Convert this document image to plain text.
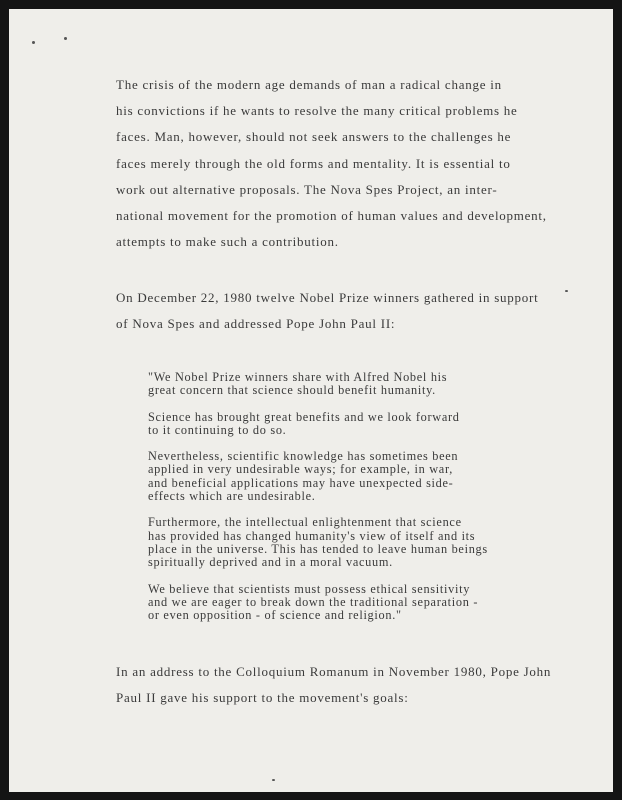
The crisis of the modern age demands of man a radical change in
his convictions if he wants to resolve the many critical problems he
faces. Man, however, should not seek answers to the challenges he
faces merely through the old forms and mentality. It is essential to
work out alternative proposals. The Nova Spes Project, an inter-
national movement for the promotion of human values and development,
attempts to make such a contribution.
On December 22, 1980 twelve Nobel Prize winners gathered in support
of Nova Spes and addressed Pope John Paul II:
"We Nobel Prize winners share with Alfred Nobel his
great concern that science should benefit humanity.
Science has brought great benefits and we look forward
to it continuing to do so.
Nevertheless, scientific knowledge has sometimes been
applied in very undesirable ways; for example, in war,
and beneficial applications may have unexpected side-
effects which are undesirable.
Furthermore, the intellectual enlightenment that science
has provided has changed humanity's view of itself and its
place in the universe. This has tended to leave human beings
spiritually deprived and in a moral vacuum.
We believe that scientists must possess ethical sensitivity
and we are eager to break down the traditional separation -
or even opposition - of science and religion."
In an address to the Colloquium Romanum in November 1980, Pope John
Paul II gave his support to the movement's goals:
